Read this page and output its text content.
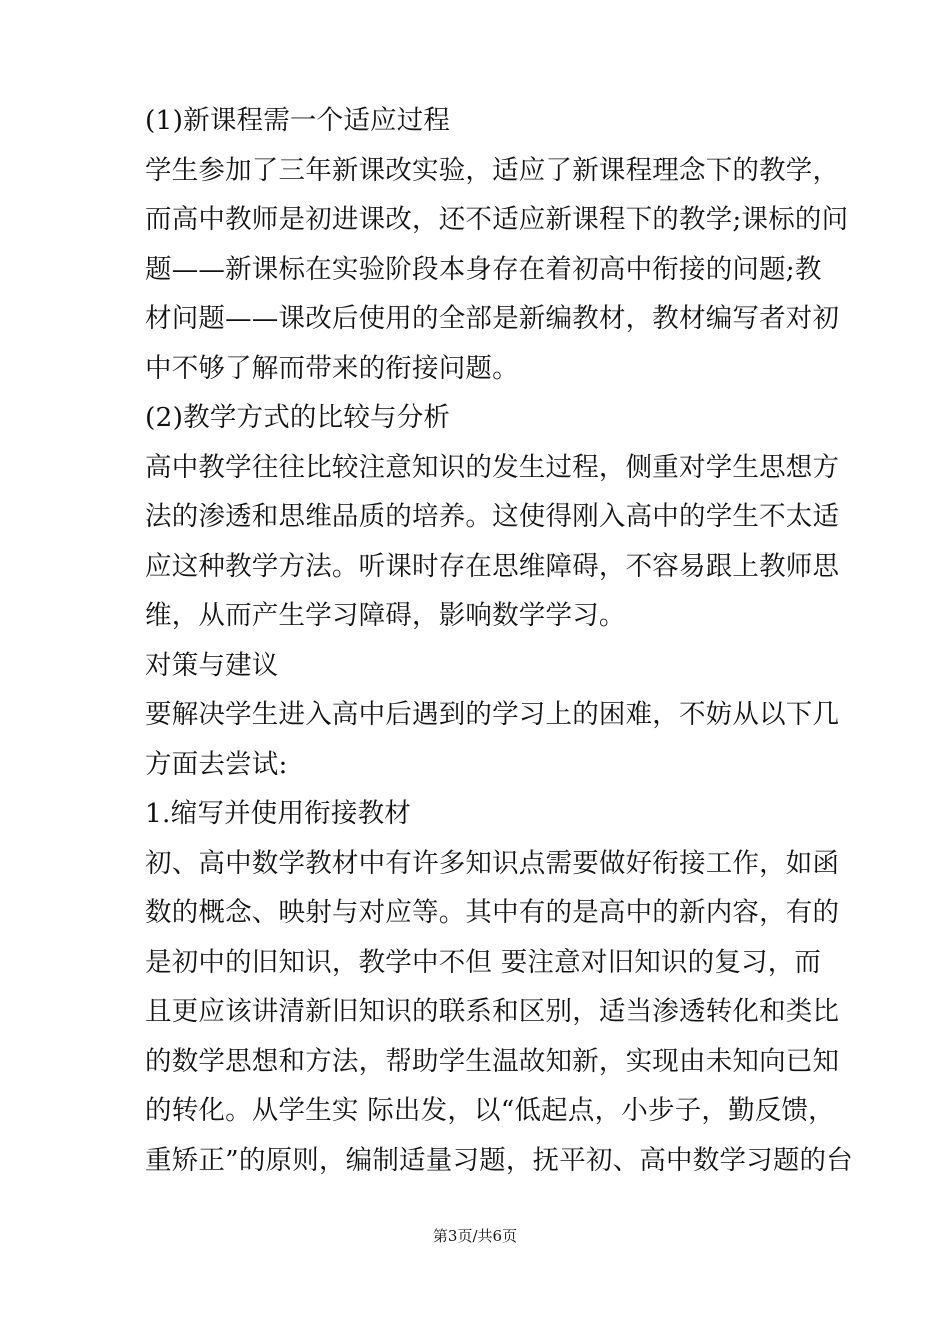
(1)新课程需一个适应过程
学生参加了三年新课改实验，适应了新课程理念下的教学，
而高中教师是初进课改，还不适应新课程下的教学;课标的问
题——新课标在实验阶段本身存在着初高中衔接的问题;教
材问题——课改后使用的全部是新编教材，教材编写者对初
中不够了解而带来的衔接问题。
(2)教学方式的比较与分析
高中教学往往比较注意知识的发生过程，侧重对学生思想方
法的渗透和思维品质的培养。这使得刚入高中的学生不太适
应这种教学方法。听课时存在思维障碍，不容易跟上教师思
维，从而产生学习障碍，影响数学学习。
对策与建议
要解决学生进入高中后遇到的学习上的困难，不妨从以下几
方面去尝试:
1.缩写并使用衔接教材
初、高中数学教材中有许多知识点需要做好衔接工作，如函
数的概念、映射与对应等。其中有的是高中的新内容，有的
是初中的旧知识，教学中不但 要注意对旧知识的复习，而
且更应该讲清新旧知识的联系和区别，适当渗透转化和类比
的数学思想和方法，帮助学生温故知新，实现由未知向已知
的转化。从学生实 际出发，以“低起点，小步子，勤反馈，
重矫正”的原则，编制适量习题，抚平初、高中数学习题的台
第3页/共6页
